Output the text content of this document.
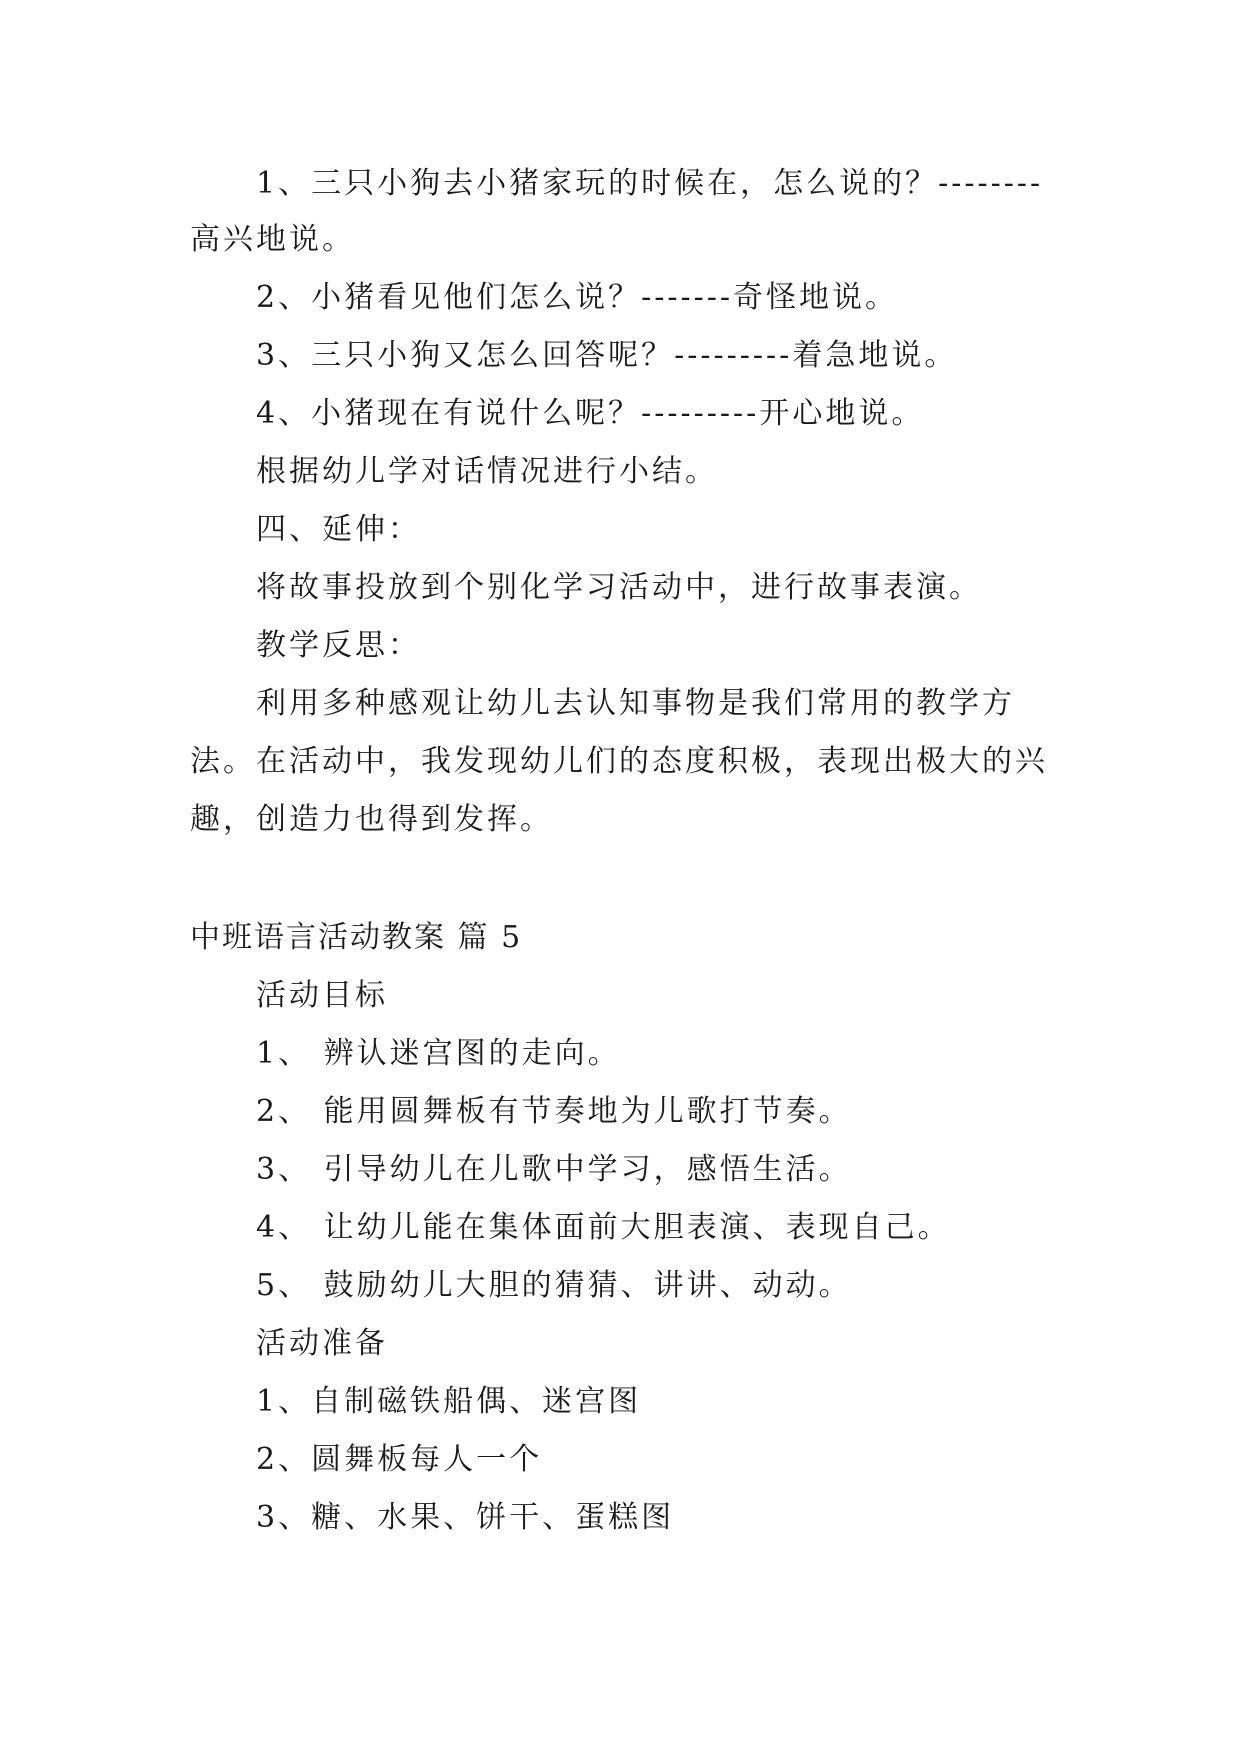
1、三只小狗去小猪家玩的时候在，怎么说的？--------
高兴地说。
2、小猪看见他们怎么说？-------奇怪地说。
3、三只小狗又怎么回答呢？---------着急地说。
4、小猪现在有说什么呢？---------开心地说。
根据幼儿学对话情况进行小结。
四、延伸：
将故事投放到个别化学习活动中，进行故事表演。
教学反思：
利用多种感观让幼儿去认知事物是我们常用的教学方
法。在活动中，我发现幼儿们的态度积极，表现出极大的兴
趣，创造力也得到发挥。
中班语言活动教案 篇 5
活动目标
1、 辨认迷宫图的走向。
2、 能用圆舞板有节奏地为儿歌打节奏。
3、 引导幼儿在儿歌中学习，感悟生活。
4、 让幼儿能在集体面前大胆表演、表现自己。
5、 鼓励幼儿大胆的猜猜、讲讲、动动。
活动准备
1、自制磁铁船偶、迷宫图
2、圆舞板每人一个
3、糖、水果、饼干、蛋糕图
